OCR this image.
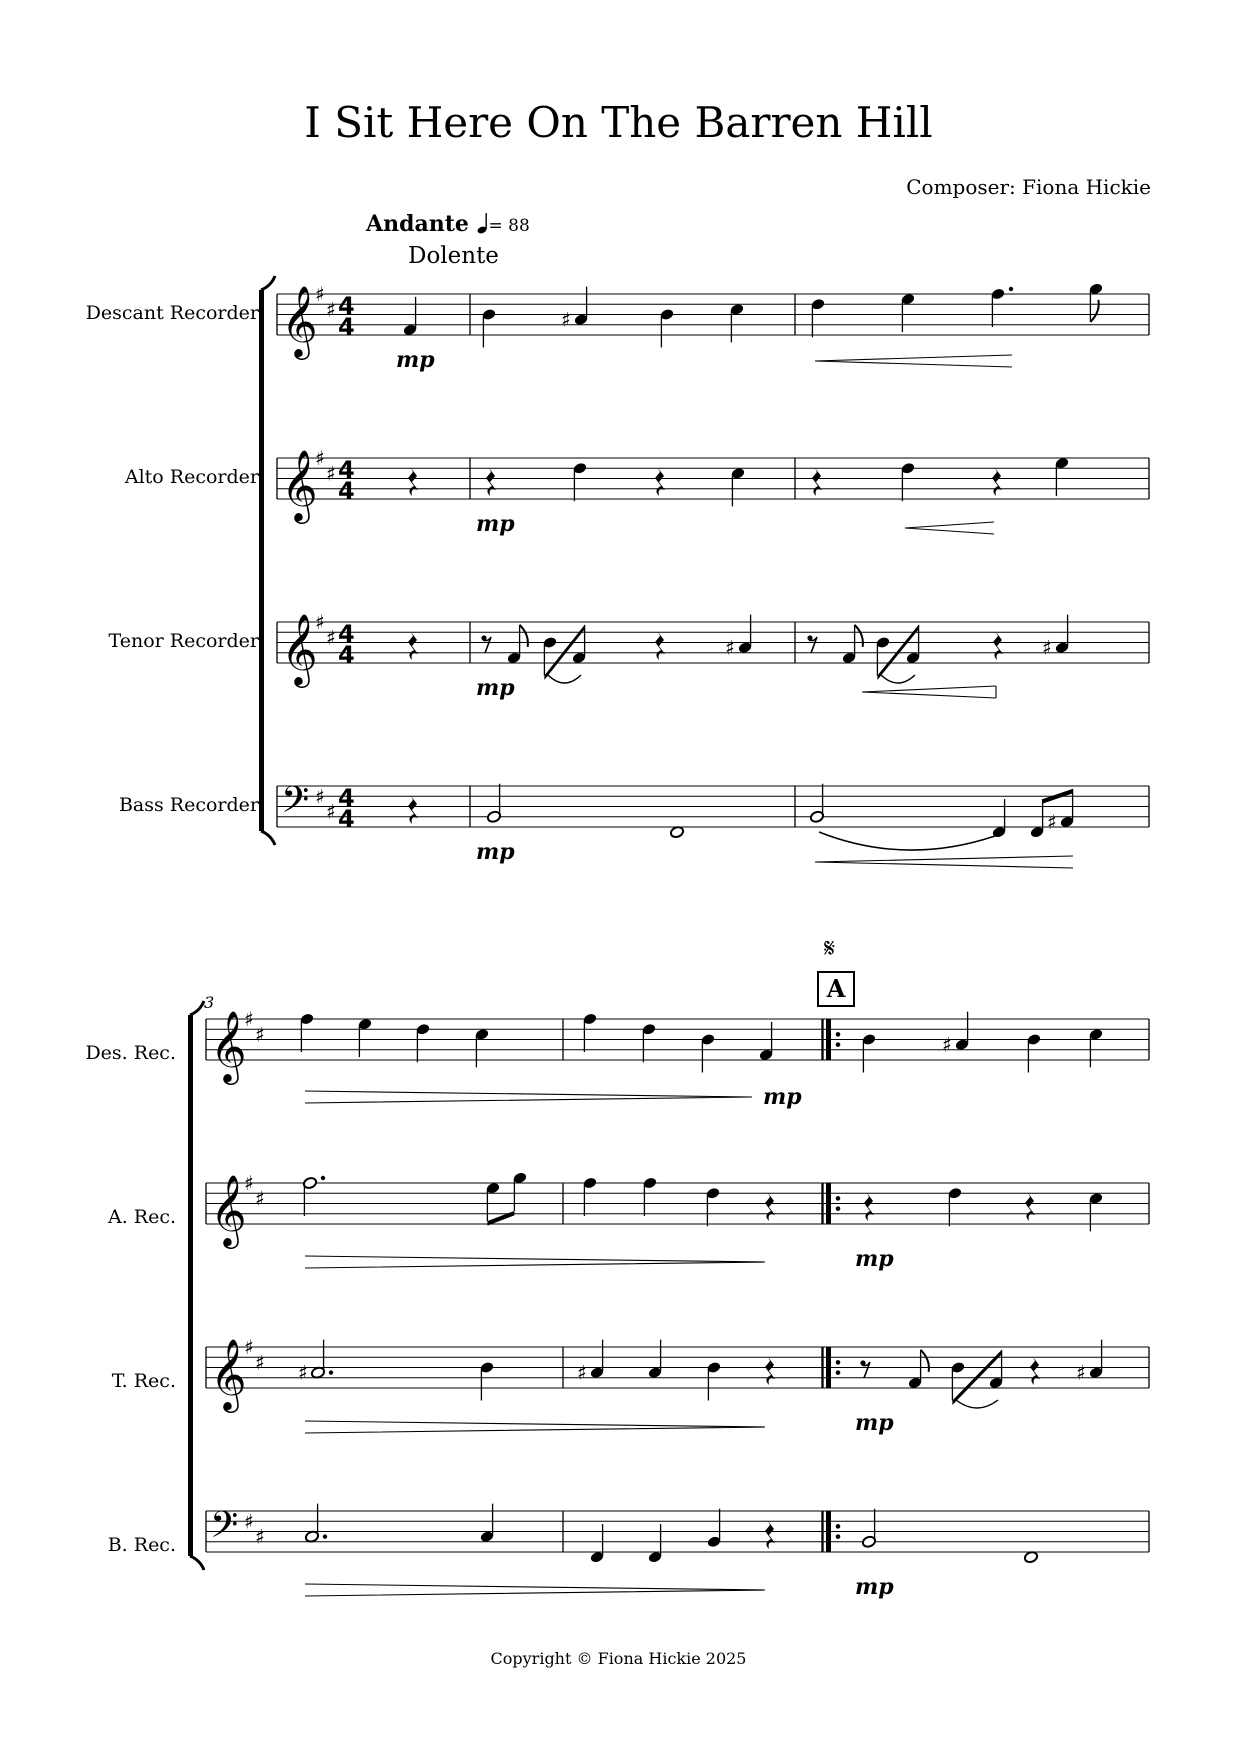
I Sit Here On The Barren Hill
Composer: Fiona Hickie
Andante = 88
Dolente
Descant Recorder
Alto Recorder
Tenor Recorder
Bass Recorder
Des. Rec.
A. Rec.
T. Rec.
B. Rec.
3
𝄋
A
𝄞
♯
♯ 4
4
𝄞
♯
♯ 4
4
𝄞
♯
♯ 4
4
𝄢 ♯
♯ 4
4
𝄞
♯
♯
𝄞
♯
♯
𝄞
♯
♯
𝄢 ♯
♯
mp
♯
mp
mp
♯	♯
mp
♯
♯
mp
mp
♯	♯
mp
♯
mp
Copyright © Fiona Hickie 2025
